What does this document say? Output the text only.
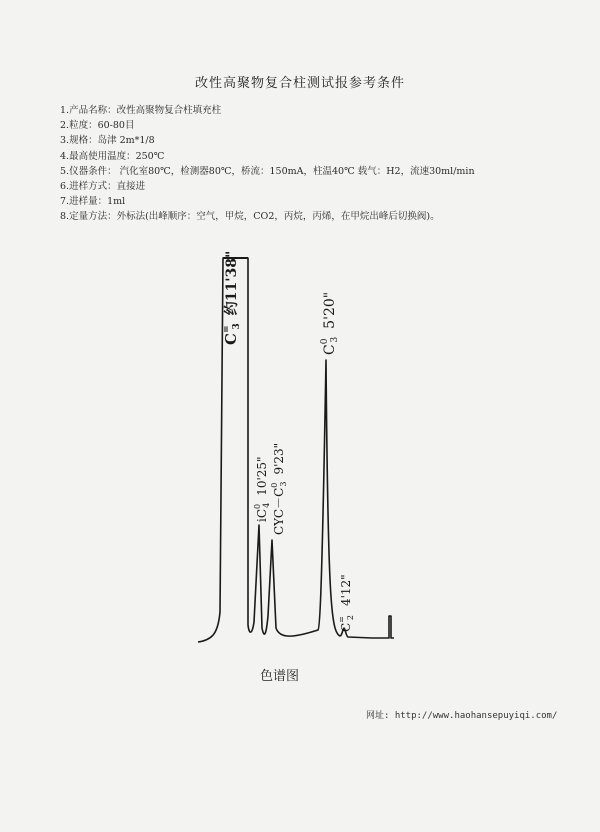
改性高聚物复合柱测试报参考条件
1.产品名称：改性高聚物复合柱填充柱
2.粒度：60-80目
3.规格：岛津 2m*1/8
4.最高使用温度：250℃
5.仪器条件： 汽化室80℃，检测器80℃，桥流：150mA，柱温40℃ 载气：H2，流速30ml/min
6.进样方式：直接进
7.进样量：1ml
8.定量方法：外标法(出峰顺序：空气，甲烷，CO2，丙烷，丙烯，在甲烷出峰后切换阀)。
C=3约11'38"
$iC^0410'25$"
$CYC-C^039'23$"
$C^035'20$"
C=24'12"
色谱图
网址: http://www.haohansepuyiqi.com/
